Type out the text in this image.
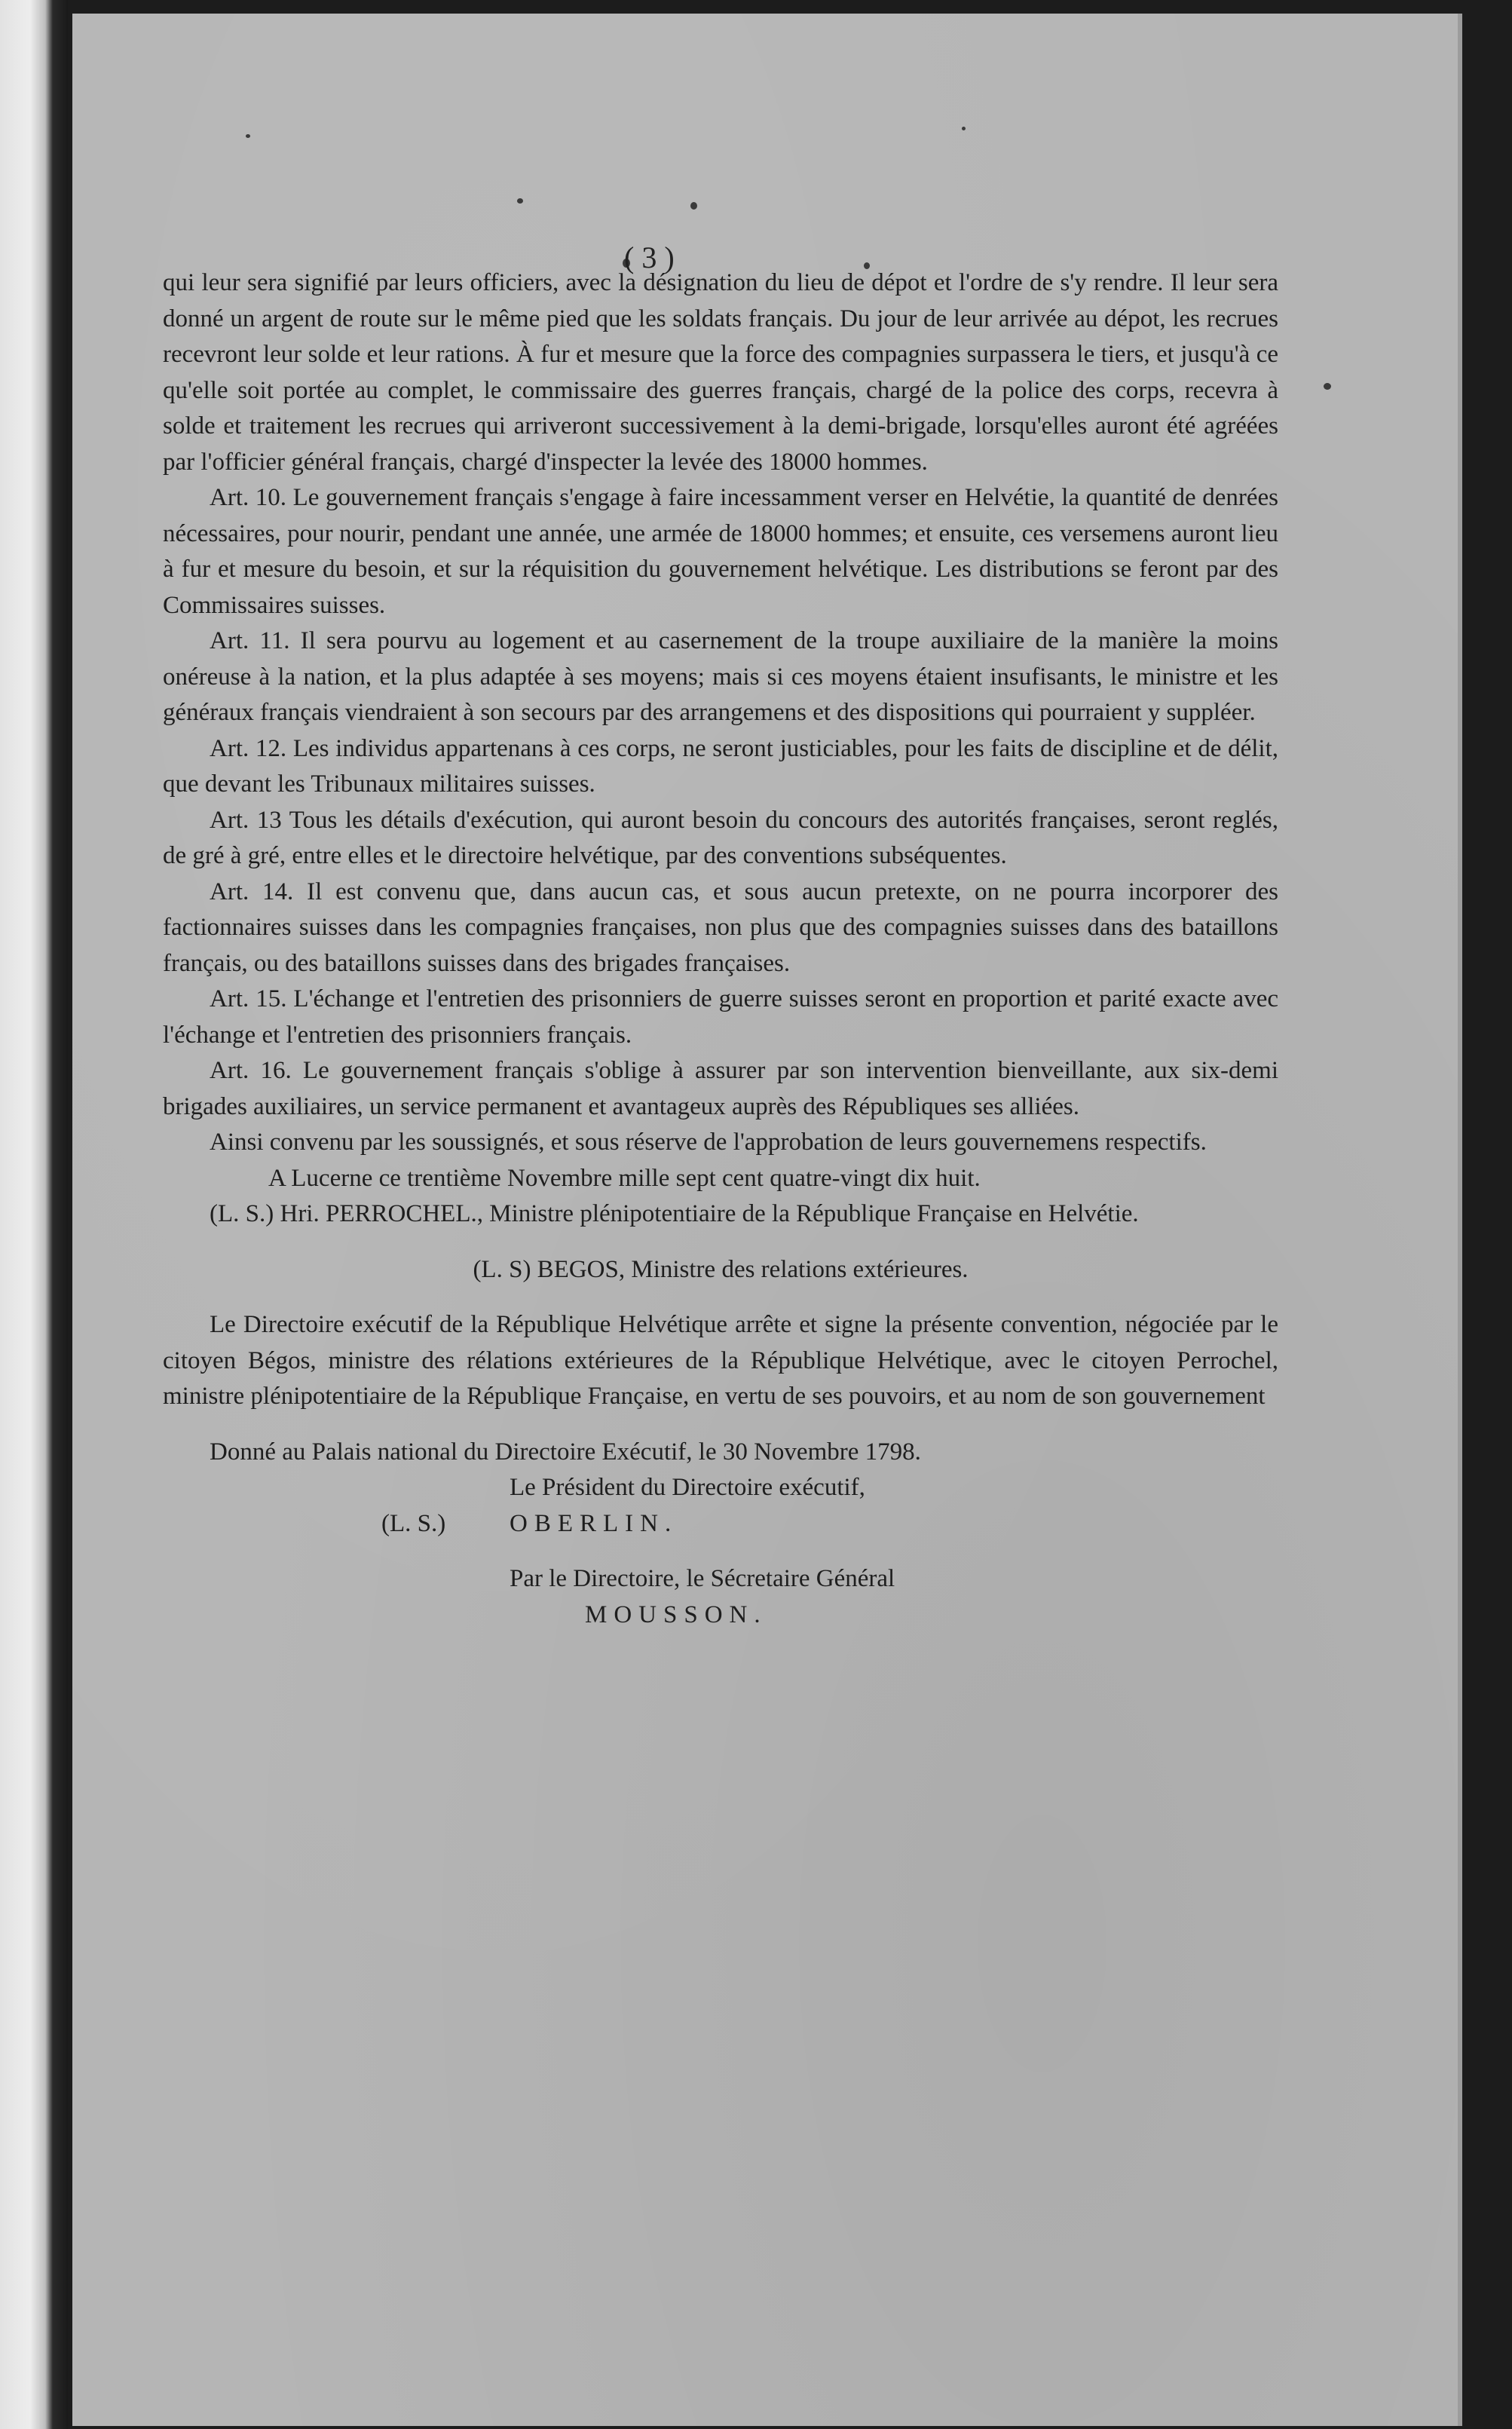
( 3 )
qui leur sera signifié par leurs officiers, avec la désignation du lieu de dépot et l'ordre de s'y rendre. Il leur sera donné un argent de route sur le même pied que les soldats français. Du jour de leur arrivée au dépot, les recrues recevront leur solde et leur rations. À fur et mesure que la force des compagnies surpassera le tiers, et jusqu'à ce qu'elle soit portée au complet, le commissaire des guerres français, chargé de la police des corps, recevra à solde et traitement les recrues qui arriveront successivement à la demi-brigade, lorsqu'elles auront été agréées par l'officier général français, chargé d'inspecter la levée des 18000 hommes.
Art. 10. Le gouvernement français s'engage à faire incessamment verser en Helvétie, la quantité de denrées nécessaires, pour nourir, pendant une année, une armée de 18000 hommes; et ensuite, ces versemens auront lieu à fur et mesure du besoin, et sur la réquisition du gouvernement helvétique. Les distributions se feront par des Commissaires suisses.
Art. 11. Il sera pourvu au logement et au casernement de la troupe auxiliaire de la manière la moins onéreuse à la nation, et la plus adaptée à ses moyens; mais si ces moyens étaient insufisants, le ministre et les généraux français viendraient à son secours par des arrangemens et des dispositions qui pourraient y suppléer.
Art. 12. Les individus appartenans à ces corps, ne seront justiciables, pour les faits de discipline et de délit, que devant les Tribunaux militaires suisses.
Art. 13 Tous les détails d'exécution, qui auront besoin du concours des autorités françaises, seront reglés, de gré à gré, entre elles et le directoire helvétique, par des conventions subséquentes.
Art. 14. Il est convenu que, dans aucun cas, et sous aucun pretexte, on ne pourra incorporer des factionnaires suisses dans les compagnies françaises, non plus que des compagnies suisses dans des bataillons français, ou des bataillons suisses dans des brigades françaises.
Art. 15. L'échange et l'entretien des prisonniers de guerre suisses seront en proportion et parité exacte avec l'échange et l'entretien des prisonniers français.
Art. 16. Le gouvernement français s'oblige à assurer par son intervention bienveillante, aux six-demi brigades auxiliaires, un service permanent et avantageux auprès des Républiques ses alliées.
Ainsi convenu par les soussignés, et sous réserve de l'approbation de leurs gouvernemens respectifs.
A Lucerne ce trentième Novembre mille sept cent quatre-vingt dix huit.
(L. S.) Hri. PERROCHEL., Ministre plénipotentiaire de la République Française en Helvétie.
(L. S) BEGOS, Ministre des relations extérieures.
Le Directoire exécutif de la République Helvétique arrête et signe la présente convention, négociée par le citoyen Bégos, ministre des rélations extérieures de la République Helvétique, avec le citoyen Perrochel, ministre plénipotentiaire de la République Française, en vertu de ses pouvoirs, et au nom de son gouvernement
Donné au Palais national du Directoire Exécutif, le 30 Novembre 1798.
Le Président du Directoire exécutif,
(L. S.)	OBERLIN.
Par le Directoire, le Sécretaire Général
MOUSSON.
